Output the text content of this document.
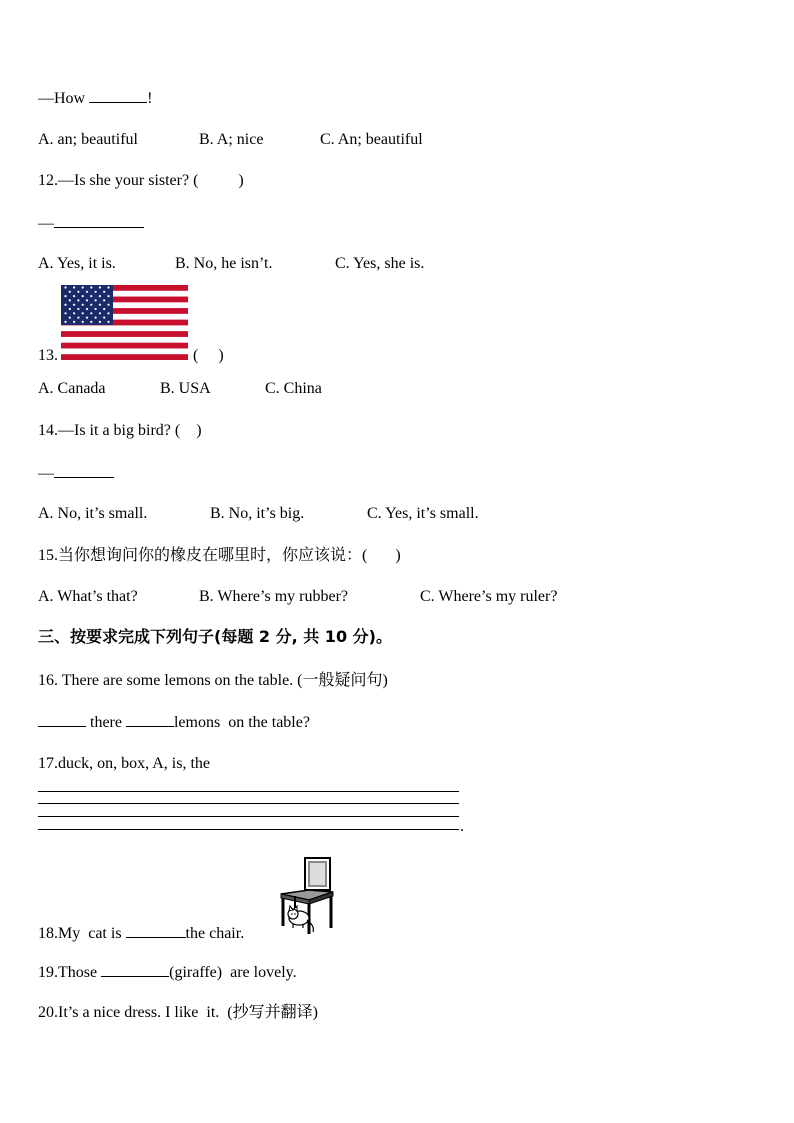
—How	!
A. an; beautiful	B. A; nice	C. An; beautiful
12.—Is she your sister? (          )
—
A. Yes, it is.	B. No, he isn’t.	C. Yes, she is.
13.	(     )
A. Canada	B. USA	C. China
14.—Is it a big bird? (    )
—
A. No, it’s small.	B. No, it’s big.	C. Yes, it’s small.
15.当你想询问你的橡皮在哪里时，你应该说：(       )
A. What’s that?	B. Where’s my rubber?	C. Where’s my ruler?
三、按要求完成下列句子(每题 2 分, 共 10 分)。
16. There are some lemons on the table. (一般疑问句)
there	lemons  on the table?
17.duck, on, box, A, is, the
.
18.My  cat is	the chair.
19.Those	(giraffe)  are lovely.
20.It’s a nice dress. I like  it.  (抄写并翻译)
